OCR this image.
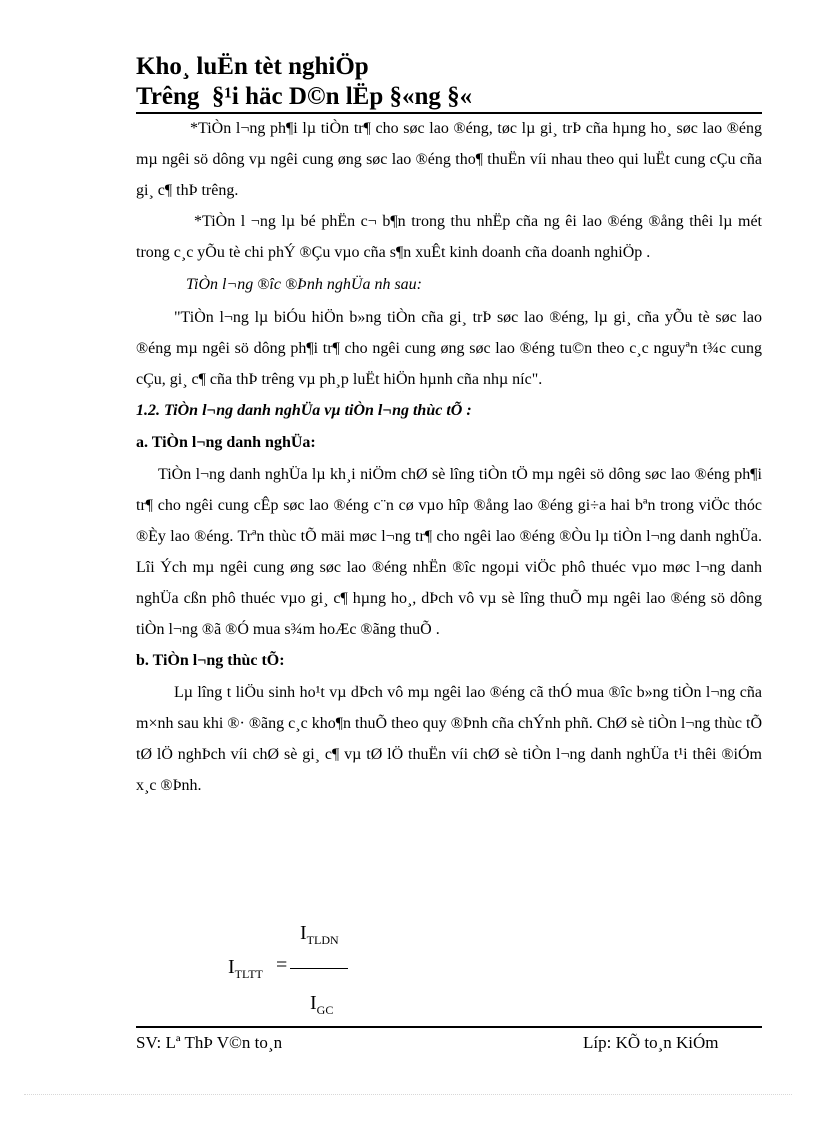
Kho¸ luËn tèt nghiÖp
Trêng  §¹i häc D©n lËp §«ng §«

*TiÒn l¬ng ph¶i lµ tiÒn tr¶ cho søc lao ®éng, tøc lµ gi¸ trÞ cña hµng ho¸ søc lao ®éng mµ ngêi sö dông vµ ngêi cung øng søc lao ®éng tho¶ thuËn víi nhau theo qui luËt cung cÇu cña gi¸ c¶ thÞ trêng.

*TiÒn l ¬ng lµ bé phËn c¬ b¶n trong thu nhËp cña ng êi lao ®éng ®ång thêi lµ mét trong c¸c yÕu tè chi phÝ ®Çu vµo cña s¶n xuÊt kinh doanh cña doanh nghiÖp .

TiÒn l¬ng ®îc ®Þnh nghÜa nh sau:

"TiÒn l¬ng lµ biÓu hiÖn b»ng tiÒn cña gi¸ trÞ søc lao ®éng, lµ gi¸ cña yÕu tè søc lao ®éng mµ ngêi sö dông ph¶i tr¶ cho ngêi cung øng søc lao ®éng tu©n theo c¸c nguyªn t¾c cung cÇu, gi¸ c¶ cña thÞ trêng vµ ph¸p luËt hiÖn hµnh cña nhµ níc".

1.2. TiÒn l¬ng danh nghÜa vµ tiÒn l¬ng thùc tÕ :
a. TiÒn l¬ng danh nghÜa:

TiÒn l¬ng danh nghÜa lµ kh¸i niÖm chØ sè lîng tiÒn tÖ mµ ngêi sö dông søc lao ®éng ph¶i tr¶ cho ngêi cung cÊp søc lao ®éng c¨n cø vµo hîp ®ång lao ®éng gi÷a hai bªn trong viÖc thóc ®Èy lao ®éng. Trªn thùc tÕ mäi møc l¬ng tr¶ cho ngêi lao ®éng ®Òu lµ tiÒn l¬ng danh nghÜa. Lîi Ých mµ ngêi cung øng søc lao ®éng nhËn ®îc ngoµi viÖc phô thuéc vµo møc l¬ng danh nghÜa cßn phô thuéc vµo gi¸ c¶ hµng ho¸, dÞch vô vµ sè lîng thuÕ mµ ngêi lao ®éng sö dông tiÒn l¬ng ®ã ®Ó mua s¾m hoÆc ®ãng thuÕ .

b. TiÒn l¬ng thùc tÕ:

Lµ lîng t liÖu sinh ho¹t vµ dÞch vô mµ ngêi lao ®éng cã thÓ mua ®îc b»ng tiÒn l¬ng cña m×nh sau khi ®· ®ãng c¸c kho¶n thuÕ theo quy ®Þnh cña chÝnh phñ. ChØ sè tiÒn l¬ng thùc tÕ tØ lÖ nghÞch víi chØ sè gi¸ c¶ vµ tØ lÖ thuËn víi chØ sè tiÒn l¬ng danh nghÜa t¹i thêi ®iÓm x¸c ®Þnh.

$I_{TLDN}$
$I_{TLTT}$ =
$I_{GC}$
SV: Lª ThÞ V©n to¸n	Líp: KÕ to¸n KiÓm
